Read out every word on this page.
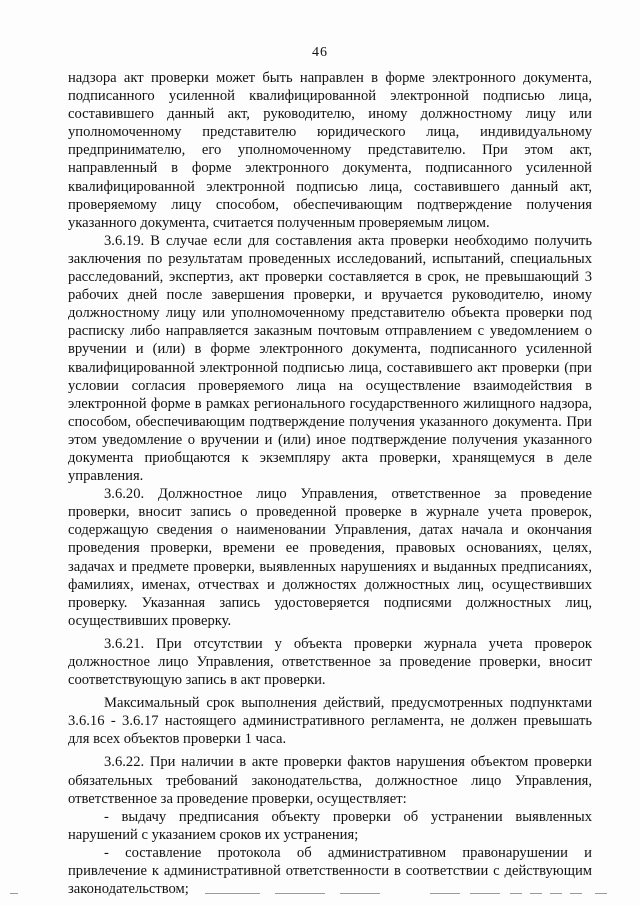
46

надзора акт проверки может быть направлен в форме электронного документа, подписанного усиленной квалифицированной электронной подписью лица, составившего данный акт, руководителю, иному должностному лицу или уполномоченному представителю юридического лица, индивидуальному предпринимателю, его уполномоченному представителю. При этом акт, направленный в форме электронного документа, подписанного усиленной квалифицированной электронной подписью лица, составившего данный акт, проверяемому лицу способом, обеспечивающим подтверждение получения указанного документа, считается полученным проверяемым лицом.

3.6.19. В случае если для составления акта проверки необходимо получить заключения по результатам проведенных исследований, испытаний, специальных расследований, экспертиз, акт проверки составляется в срок, не превышающий 3 рабочих дней после завершения проверки, и вручается руководителю, иному должностному лицу или уполномоченному представителю объекта проверки под расписку либо направляется заказным почтовым отправлением с уведомлением о вручении и (или) в форме электронного документа, подписанного усиленной квалифицированной электронной подписью лица, составившего акт проверки (при условии согласия проверяемого лица на осуществление взаимодействия в электронной форме в рамках регионального государственного жилищного надзора, способом, обеспечивающим подтверждение получения указанного документа. При этом уведомление о вручении и (или) иное подтверждение получения указанного документа приобщаются к экземпляру акта проверки, хранящемуся в деле управления.

3.6.20. Должностное лицо Управления, ответственное за проведение проверки, вносит запись о проведенной проверке в журнале учета проверок, содержащую сведения о наименовании Управления, датах начала и окончания проведения проверки, времени ее проведения, правовых основаниях, целях, задачах и предмете проверки, выявленных нарушениях и выданных предписаниях, фамилиях, именах, отчествах и должностях должностных лиц, осуществивших проверку. Указанная запись удостоверяется подписями должностных лиц, осуществивших проверку.

3.6.21. При отсутствии у объекта проверки журнала учета проверок должностное лицо Управления, ответственное за проведение проверки, вносит соответствующую запись в акт проверки.

Максимальный срок выполнения действий, предусмотренных подпунктами 3.6.16 - 3.6.17 настоящего административного регламента, не должен превышать для всех объектов проверки 1 часа.

3.6.22. При наличии в акте проверки фактов нарушения объектом проверки обязательных требований законодательства, должностное лицо Управления, ответственное за проведение проверки, осуществляет:

- выдачу предписания объекту проверки об устранении выявленных нарушений с указанием сроков их устранения;

- составление протокола об административном правонарушении и привлечение к административной ответственности в соответствии с действующим законодательством;
